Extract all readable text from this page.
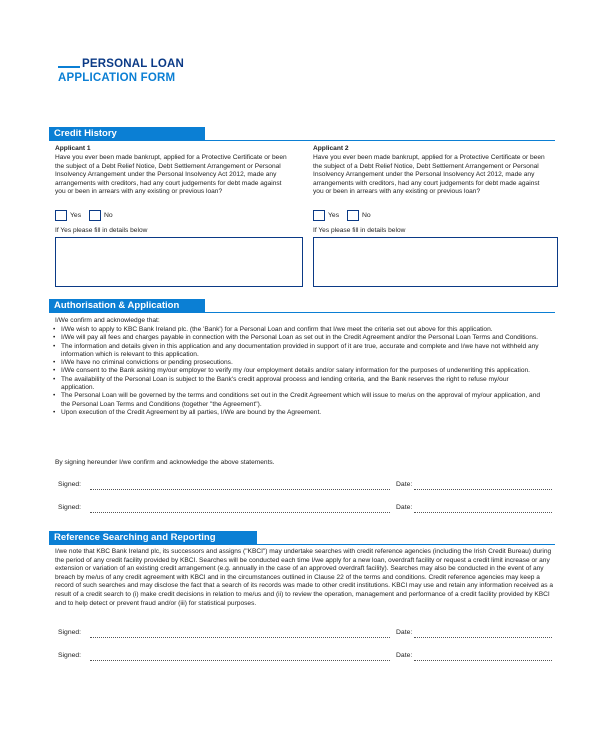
PERSONAL LOAN
APPLICATION FORM
Credit History
Applicant 1
Have you ever been made bankrupt, applied for a Protective Certificate or been the subject of a Debt Relief Notice, Debt Settlement Arrangement or Personal Insolvency Arrangement under the Personal Insolvency Act 2012, made any arrangements with creditors, had any court judgements for debt made against you or been in arrears with any existing or previous loan?
Yes	No
If Yes please fill in details below
Applicant 2
Have you ever been made bankrupt, applied for a Protective Certificate or been the subject of a Debt Relief Notice, Debt Settlement Arrangement or Personal Insolvency Arrangement under the Personal Insolvency Act 2012, made any arrangements with creditors, had any court judgements for debt made against you or been in arrears with any existing or previous loan?
Yes	No
If Yes please fill in details below
Authorisation & Application
I/We confirm and acknowledge that:
• I/We wish to apply to KBC Bank Ireland plc. (the 'Bank') for a Personal Loan and confirm that I/we meet the criteria set out above for this application.
• I/We will pay all fees and charges payable in connection with the Personal Loan as set out in the Credit Agreement and/or the Personal Loan Terms and Conditions.
• The information and details given in this application and any documentation provided in support of it are true, accurate and complete and I/we have not withheld any information which is relevant to this application.
• I/We have no criminal convictions or pending prosecutions.
• I/We consent to the Bank asking my/our employer to verify my /our employment details and/or salary information for the purposes of underwriting this application.
• The availability of the Personal Loan is subject to the Bank's credit approval process and lending criteria, and the Bank reserves the right to refuse my/our application.
• The Personal Loan will be governed by the terms and conditions set out in the Credit Agreement which will issue to me/us on the approval of my/our application, and the Personal Loan Terms and Conditions (together "the Agreement").
• Upon execution of the Credit Agreement by all parties, I/We are bound by the Agreement.
By signing hereunder I/we confirm and acknowledge the above statements.
Signed:	Date:
Signed:	Date:
Reference Searching and Reporting
I/we note that KBC Bank Ireland plc, its successors and assigns ("KBCI") may undertake searches with credit reference agencies (including the Irish Credit Bureau) during the period of any credit facility provided by KBCI. Searches will be conducted each time I/we apply for a new loan, overdraft facility or request a credit limit increase or any extension or variation of an existing credit arrangement (e.g. annually in the case of an approved overdraft facility). Searches may also be conducted in the event of any breach by me/us of any credit agreement with KBCI and in the circumstances outlined in Clause 22 of the terms and conditions. Credit reference agencies may keep a record of such searches and may disclose the fact that a search of its records was made to other credit institutions. KBCI may use and retain any information received as a result of a credit search to (i) make credit decisions in relation to me/us and (ii) to review the operation, management and performance of a credit facility provided by KBCI and to help detect or prevent fraud and/or (iii) for statistical purposes.
Signed:	Date:
Signed:	Date:
